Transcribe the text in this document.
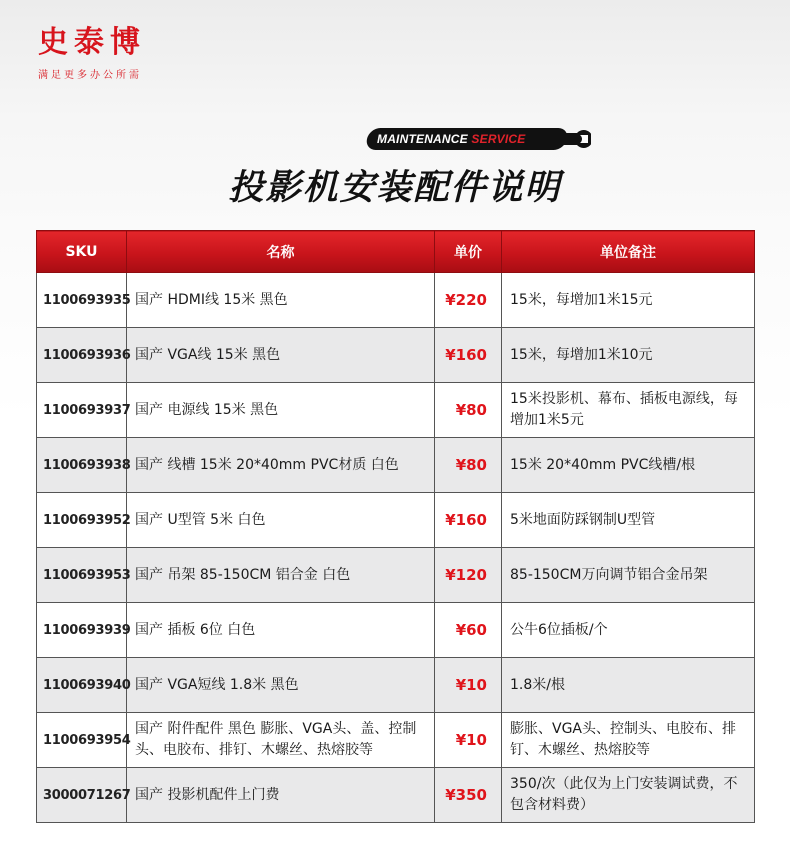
史泰博
满足更多办公所需
MAINTENANCE SERVICE
投影机安装配件说明
SKU	名称	单价	单位备注
1100693935	国产 HDMI线 15米 黑色	¥220	15米，每增加1米15元
1100693936	国产 VGA线 15米 黑色	¥160	15米，每增加1米10元
1100693937	国产 电源线 15米 黑色	¥80	15米投影机、幕布、插板电源线，每增加1米5元
1100693938	国产 线槽 15米 20*40mm PVC材质 白色	¥80	15米 20*40mm PVC线槽/根
1100693952	国产 U型管 5米 白色	¥160	5米地面防踩钢制U型管
1100693953	国产 吊架 85-150CM 铝合金 白色	¥120	85-150CM万向调节铝合金吊架
1100693939	国产 插板 6位 白色	¥60	公牛6位插板/个
1100693940	国产 VGA短线 1.8米 黑色	¥10	1.8米/根
1100693954	国产 附件配件 黑色 膨胀、VGA头、盖、控制头、电胶布、排钉、木螺丝、热熔胶等	¥10	膨胀、VGA头、控制头、电胶布、排钉、木螺丝、热熔胶等
3000071267	国产 投影机配件上门费	¥350	350/次（此仅为上门安装调试费，不包含材料费）
